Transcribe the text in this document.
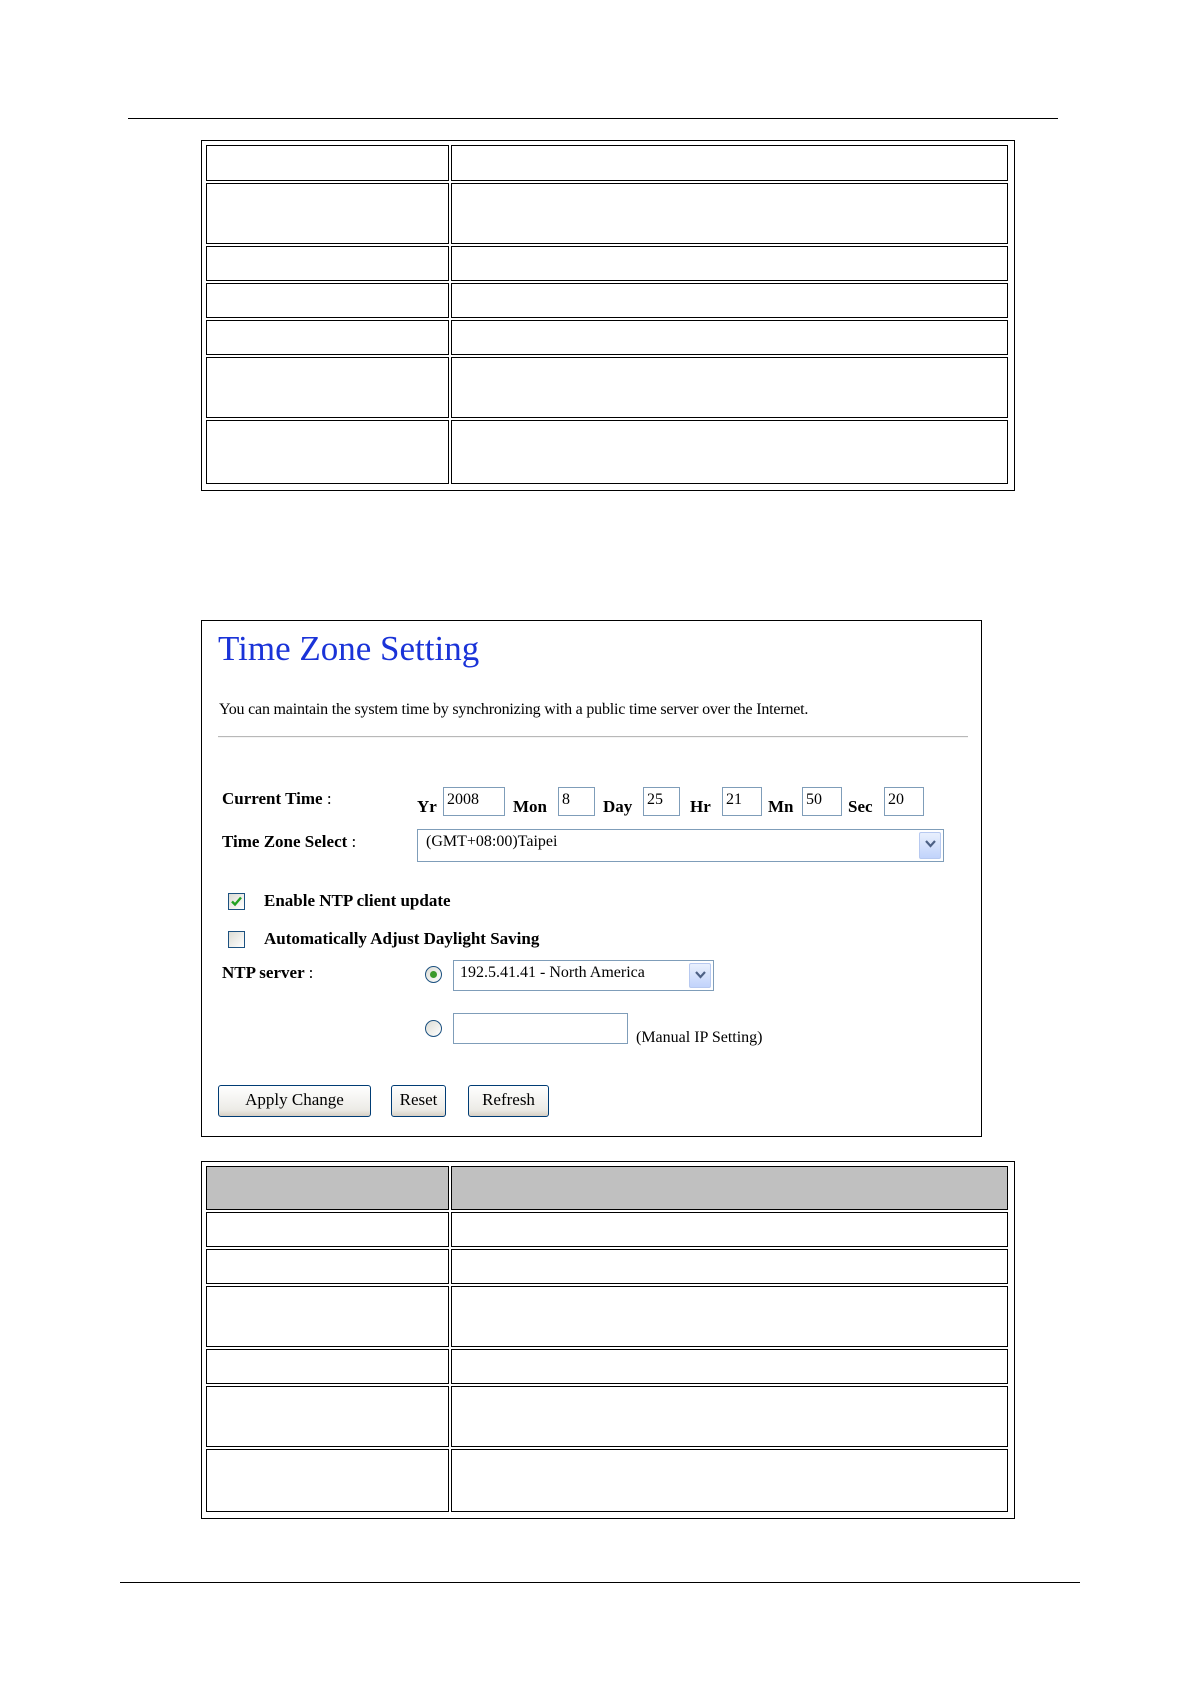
Time Zone Setting
You can maintain the system time by synchronizing with a public time server over the Internet.
Current Time :	Yr 2008	Mon 8	Day 25	Hr 21	Mn 50	Sec 20
Time Zone Select :	(GMT+08:00)Taipei
Enable NTP client update
Automatically Adjust Daylight Saving
NTP server :	192.5.41.41 - North America
(Manual IP Setting)
Apply Change	Reset	Refresh
